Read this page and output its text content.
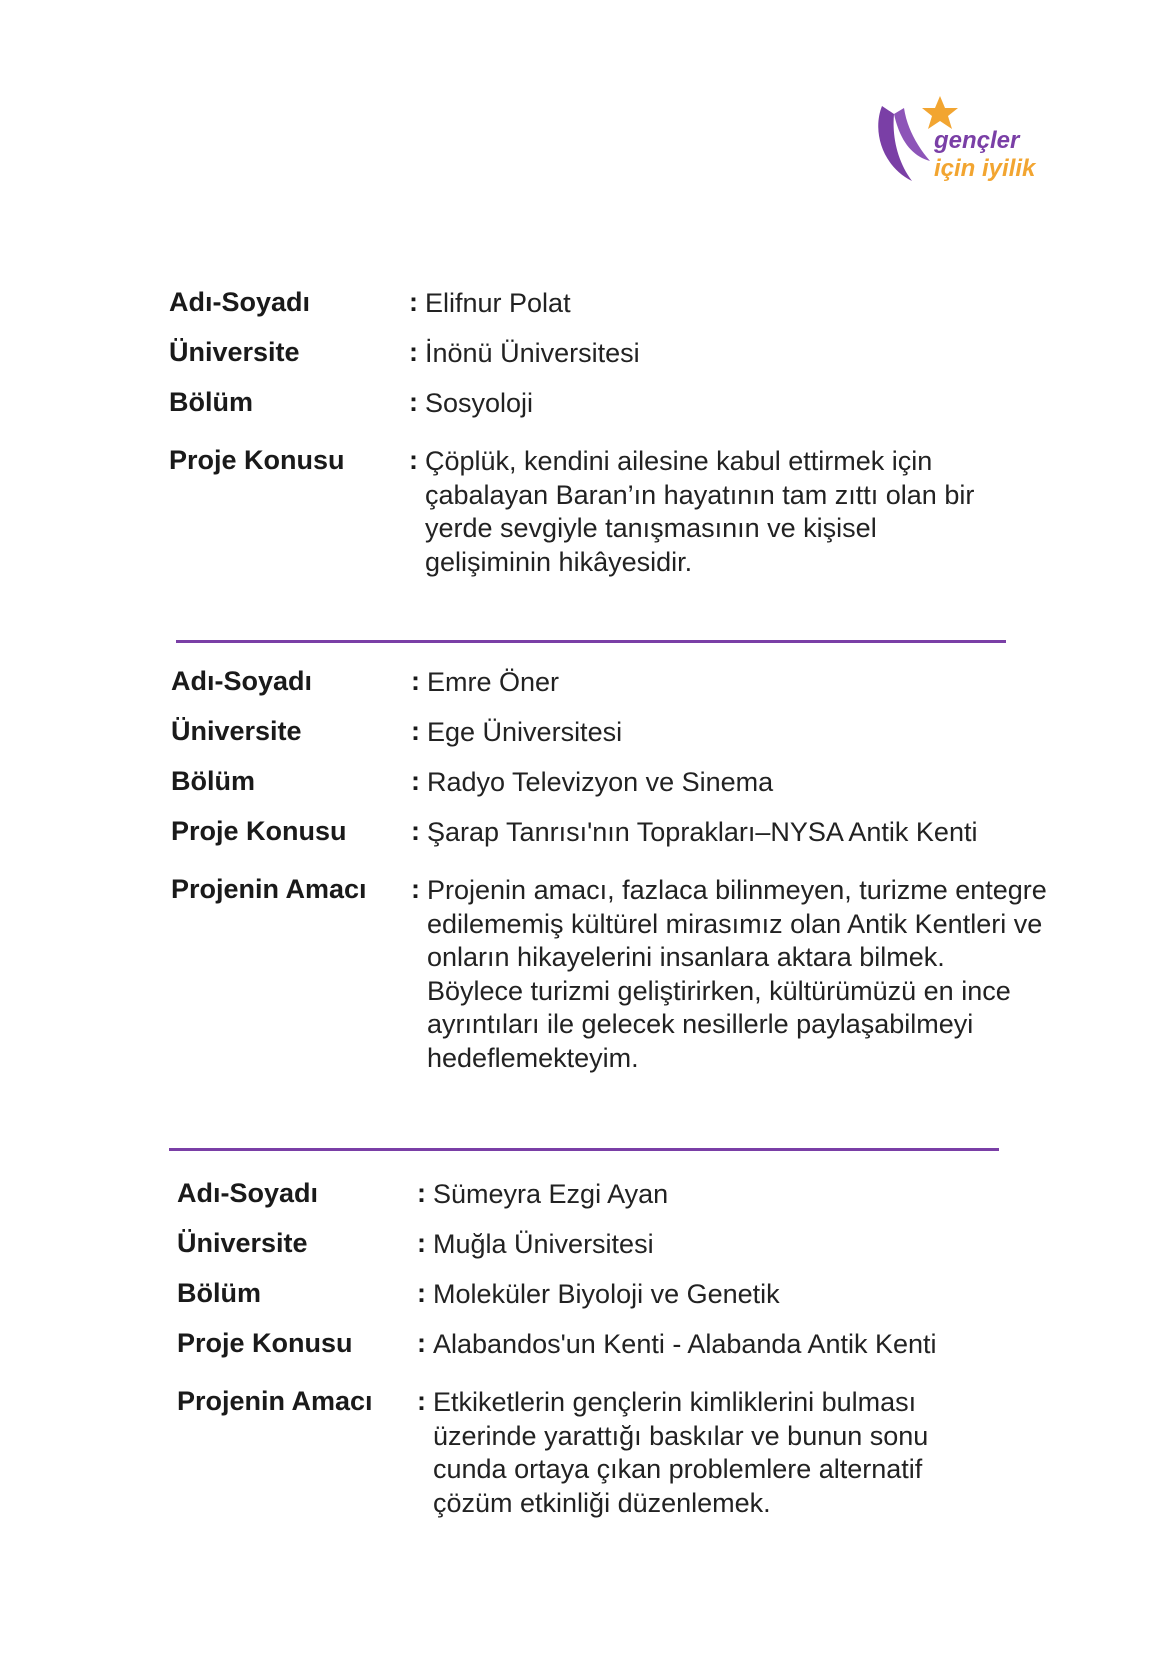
gençler
için iyilik
Adı-Soyadı	: Elifnur Polat
Üniversite	: İnönü Üniversitesi
Bölüm	: Sosyoloji
Proje Konusu	: Çöplük, kendini ailesine kabul ettirmek için çabalayan Baran’ın hayatının tam zıttı olan bir yerde sevgiyle tanışmasının ve kişisel gelişiminin hikâyesidir.
Adı-Soyadı	: Emre Öner
Üniversite	: Ege Üniversitesi
Bölüm	: Radyo Televizyon ve Sinema
Proje Konusu	: Şarap Tanrısı'nın Toprakları–NYSA Antik Kenti
Projenin Amacı	: Projenin amacı, fazlaca bilinmeyen, turizme entegre edilememiş kültürel mirasımız olan Antik Kentleri ve onların hikayelerini insanlara aktara bilmek. Böylece turizmi geliştirirken, kültürümüzü en ince ayrıntıları ile gelecek nesillerle paylaşabilmeyi hedeflemekteyim.
Adı-Soyadı	: Sümeyra Ezgi Ayan
Üniversite	: Muğla Üniversitesi
Bölüm	: Moleküler Biyoloji ve Genetik
Proje Konusu	: Alabandos'un Kenti - Alabanda Antik Kenti
Projenin Amacı	: Etkiketlerin gençlerin kimliklerini bulması üzerinde yarattığı baskılar ve bunun sonu cunda ortaya çıkan problemlere alternatif çözüm etkinliği düzenlemek.
